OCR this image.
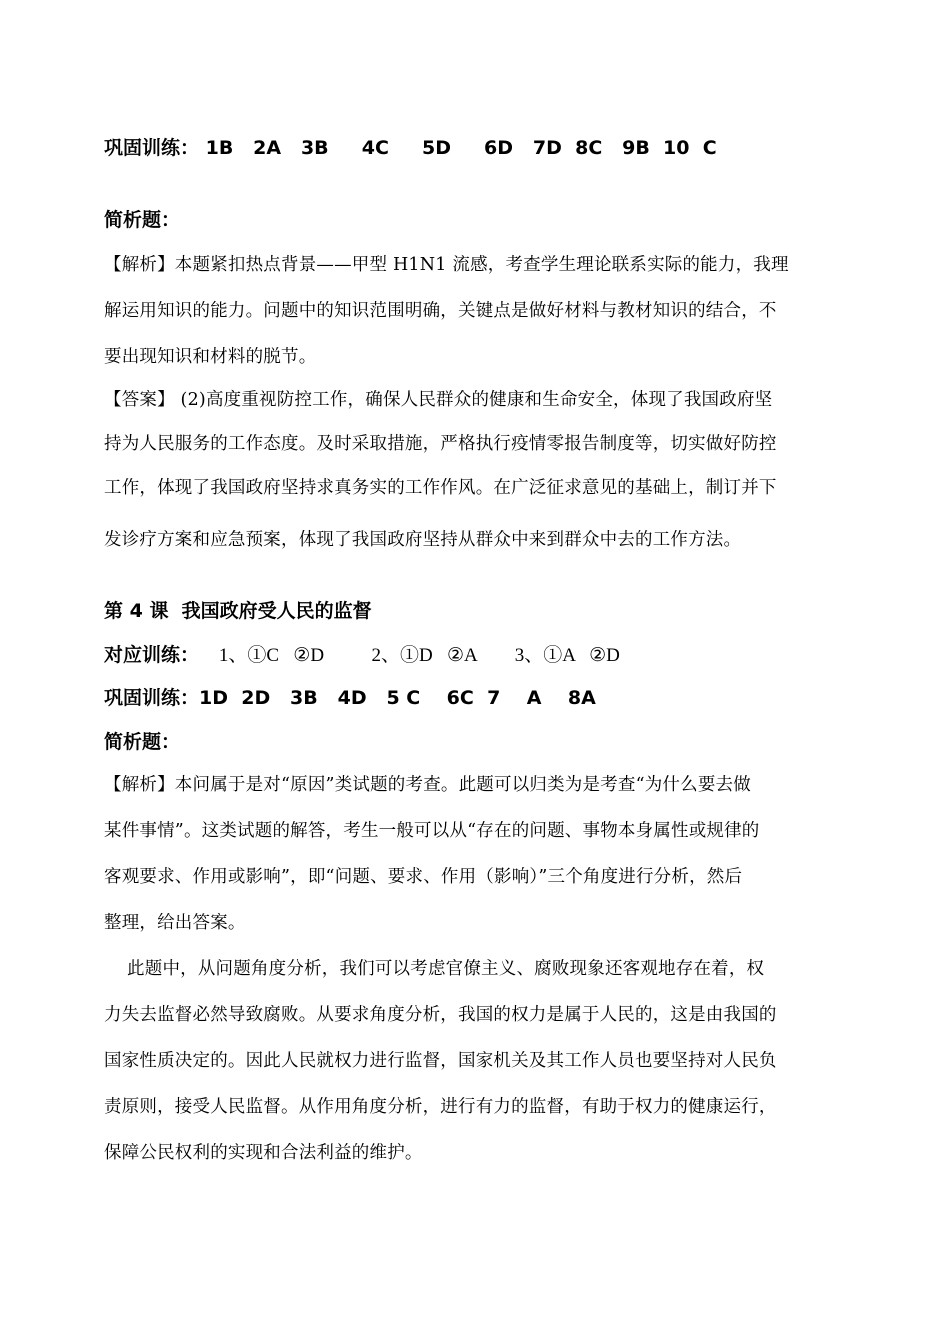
巩固训练： 1B   2A   3B     4C     5D     6D   7D  8C   9B  10  C
简析题：
【解析】本题紧扣热点背景——甲型 H1N1 流感，考查学生理论联系实际的能力，我理
解运用知识的能力。问题中的知识范围明确，关键点是做好材料与教材知识的结合，不
要出现知识和材料的脱节。
【答案】 (2)高度重视防控工作，确保人民群众的健康和生命安全，体现了我国政府坚
持为人民服务的工作态度。及时采取措施，严格执行疫情零报告制度等，切实做好防控
工作，体现了我国政府坚持求真务实的工作作风。在广泛征求意见的基础上，制订并下
发诊疗方案和应急预案，体现了我国政府坚持从群众中来到群众中去的工作方法。
第 4 课  我国政府受人民的监督
对应训练： 1、①C   ②D          2、①D   ②A        3、①A   ②D
巩固训练：1D  2D   3B   4D   5 C    6C  7    A    8A
简析题：
【解析】本问属于是对“原因”类试题的考查。此题可以归类为是考查“为什么要去做
某件事情”。这类试题的解答，考生一般可以从“存在的问题、事物本身属性或规律的
客观要求、作用或影响”，即“问题、要求、作用（影响）”三个角度进行分析，然后
整理，给出答案。
此题中，从问题角度分析，我们可以考虑官僚主义、腐败现象还客观地存在着，权
力失去监督必然导致腐败。从要求角度分析，我国的权力是属于人民的，这是由我国的
国家性质决定的。因此人民就权力进行监督，国家机关及其工作人员也要坚持对人民负
责原则，接受人民监督。从作用角度分析，进行有力的监督，有助于权力的健康运行，
保障公民权利的实现和合法利益的维护。
